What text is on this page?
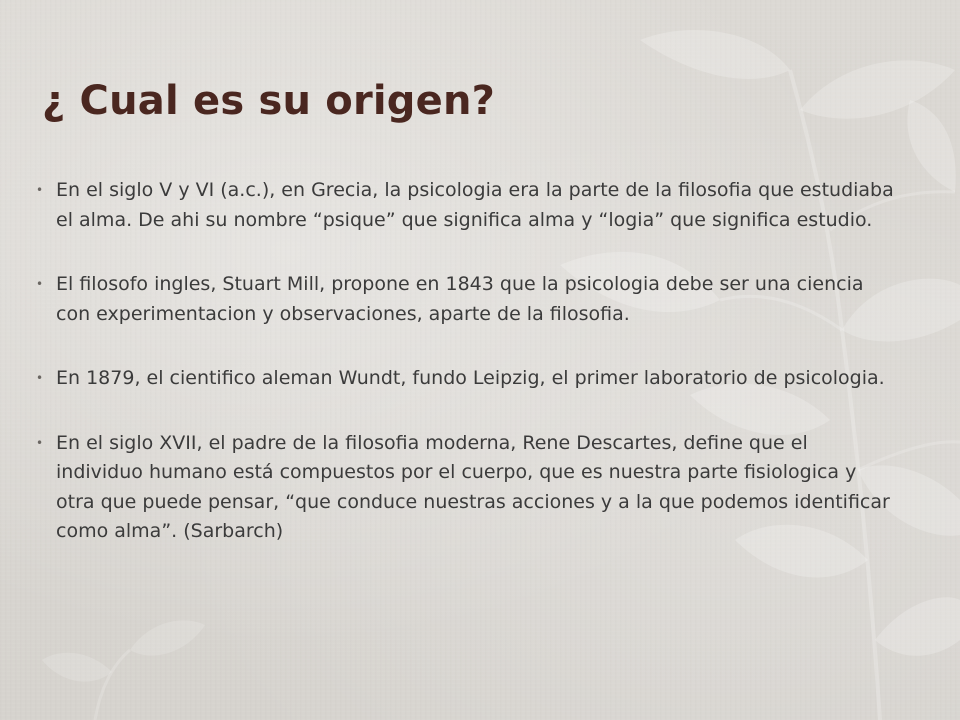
¿ Cual es su origen?
• En el siglo V y VI (a.c.), en Grecia, la psicologia era la parte de la filosofia que estudiaba el alma. De ahi su nombre “psique” que significa alma y “logia” que significa estudio.
• El filosofo ingles, Stuart Mill, propone en 1843 que la psicologia debe ser una ciencia con experimentacion y observaciones, aparte de la filosofia.
• En 1879, el cientifico aleman Wundt, fundo Leipzig, el primer laboratorio de psicologia.
• En el siglo XVII, el padre de la filosofia moderna, Rene Descartes, define que el individuo humano está compuestos por el cuerpo, que es nuestra parte fisiologica y otra que puede pensar, “que conduce nuestras acciones y a la que podemos identificar como alma”. (Sarbarch)
